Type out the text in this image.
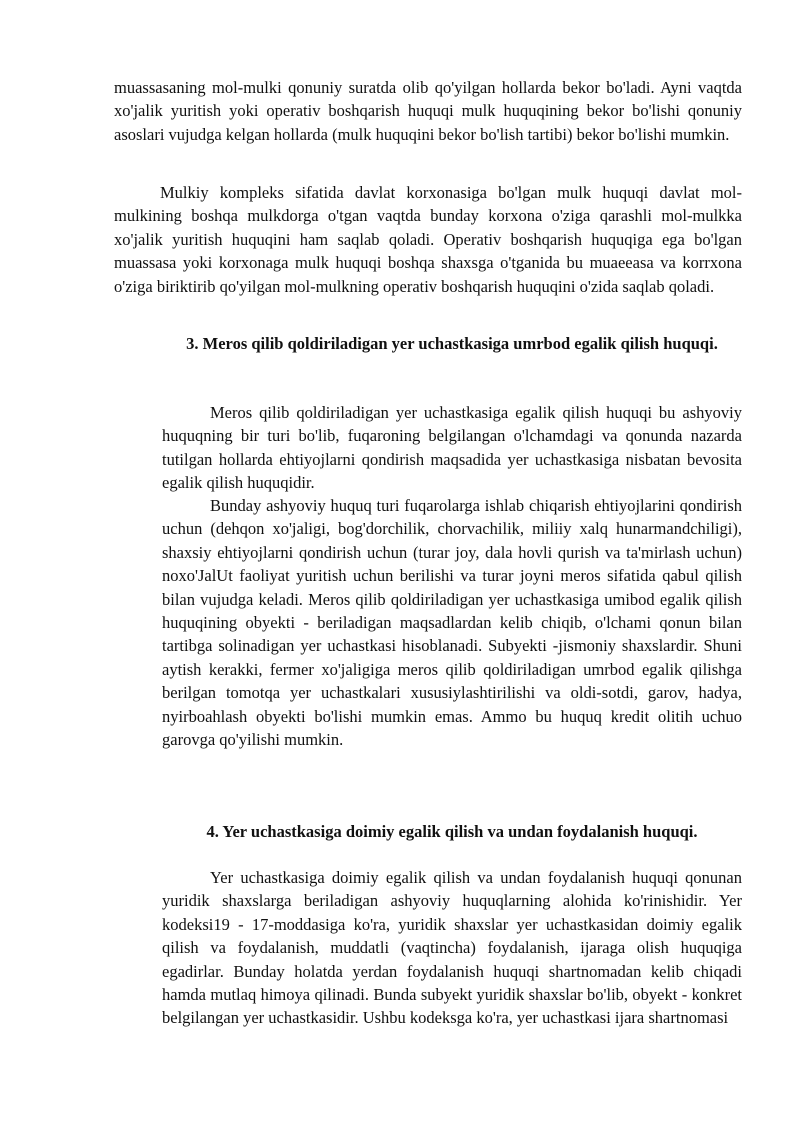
muassasaning mol-mulki qonuniy suratda olib qo'yilgan hollarda bekor bo'ladi. Ayni vaqtda xo'jalik yuritish yoki operativ boshqarish huquqi mulk huquqining bekor bo'lishi qonuniy asoslari vujudga kelgan hollarda (mulk huquqini bekor bo'lish tartibi) bekor bo'lishi mumkin.

Mulkiy kompleks sifatida davlat korxonasiga bo'lgan mulk huquqi davlat mol-mulkining boshqa mulkdorga o'tgan vaqtda bunday korxona o'ziga qarashli mol-mulkka xo'jalik yuritish huquqini ham saqlab qoladi. Operativ boshqarish huquqiga ega bo'lgan muassasa yoki korxonaga mulk huquqi boshqa shaxsga o'tganida bu muaeeasa va korrxona o'ziga biriktirib qo'yilgan mol-mulkning operativ boshqarish huquqini o'zida saqlab qoladi.

3. Meros qilib qoldiriladigan yer uchastkasiga umrbod egalik qilish huquqi.

Meros qilib qoldiriladigan yer uchastkasiga egalik qilish huquqi bu ashyoviy huquqning bir turi bo'lib, fuqaroning belgilangan o'lchamdagi va qonunda nazarda tutilgan hollarda ehtiyojlarni qondirish maqsadida yer uchastkasiga nisbatan bevosita egalik qilish huquqidir.

Bunday ashyoviy huquq turi fuqarolarga ishlab chiqarish ehtiyojlarini qondirish uchun (dehqon xo'jaligi, bog'dorchilik, chorvachilik, miliiy xalq hunarmandchiligi), shaxsiy ehtiyojlarni qondirish uchun (turar joy, dala hovli qurish va ta'mirlash uchun) noxo'JalUt faoliyat yuritish uchun berilishi va turar joyni meros sifatida qabul qilish bilan vujudga keladi. Meros qilib qoldiriladigan yer uchastkasiga umibod egalik qilish huquqining obyekti - beriladigan maqsadlardan kelib chiqib, o'lchami qonun bilan tartibga solinadigan yer uchastkasi hisoblanadi. Subyekti -jismoniy shaxslardir. Shuni aytish kerakki, fermer xo'jaligiga meros qilib qoldiriladigan umrbod egalik qilishga berilgan tomotqa yer uchastkalari xususiylashtirilishi va oldi-sotdi, garov, hadya, nyirboahlash obyekti bo'lishi mumkin emas. Ammo bu huquq kredit olitih uchuo garovga qo'yilishi mumkin.

4. Yer uchastkasiga doimiy egalik qilish va undan foydalanish huquqi.

Yer uchastkasiga doimiy egalik qilish va undan foydalanish huquqi qonunan yuridik shaxslarga beriladigan ashyoviy huquqlarning alohida ko'rinishidir. Yer kodeksi19 - 17-moddasiga ko'ra, yuridik shaxslar yer uchastkasidan doimiy egalik qilish va foydalanish, muddatli (vaqtincha) foydalanish, ijaraga olish huquqiga egadirlar. Bunday holatda yerdan foydalanish huquqi shartnomadan kelib chiqadi hamda mutlaq himoya qilinadi. Bunda subyekt yuridik shaxslar bo'lib, obyekt - konkret belgilangan yer uchastkasidir. Ushbu kodeksga ko'ra, yer uchastkasi ijara shartnomasi
